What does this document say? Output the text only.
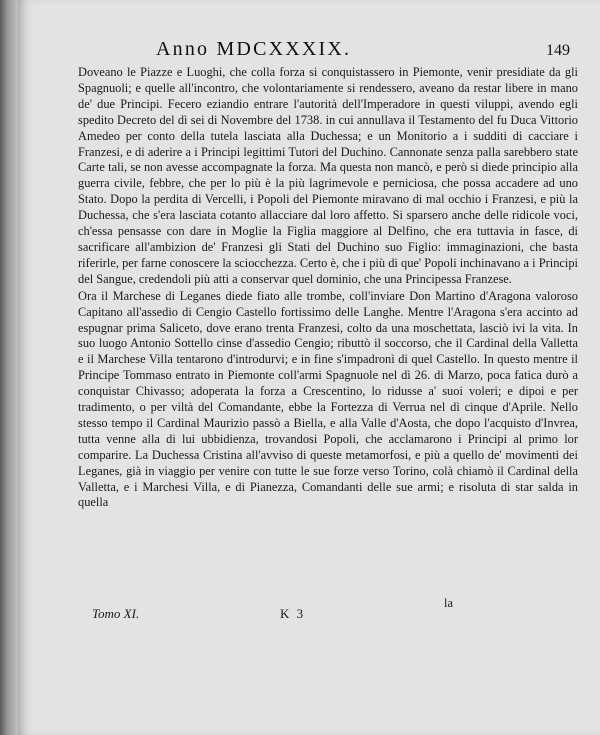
Anno MDCXXXIX.	149

Doveano le Piazze e Luoghi, che colla forza si conquistassero in Piemonte, venir presidiate da gli Spagnuoli; e quelle all'incontro, che volontariamente si rendessero, aveano da restar libere in mano de' due Principi. Fecero eziandio entrare l'autorità dell'Imperadore in questi viluppi, avendo egli spedito Decreto del dì sei di Novembre del 1738. in cui annullava il Testamento del fu Duca Vittorio Amedeo per conto della tutela lasciata alla Duchessa; e un Monitorio a i sudditi di cacciare i Franzesi, e di aderire a i Principi legittimi Tutori del Duchino. Cannonate senza palla sarebbero state Carte tali, se non avesse accompagnate la forza. Ma questa non mancò, e però si diede principio alla guerra civile, febbre, che per lo più è la più lagrimevole e perniciosa, che possa accadere ad uno Stato. Dopo la perdita di Vercelli, i Popoli del Piemonte miravano di mal occhio i Franzesi, e più la Duchessa, che s'era lasciata cotanto allacciare dal loro affetto. Si sparsero anche delle ridicole voci, ch'essa pensasse con dare in Moglie la Figlia maggiore al Delfino, che era tuttavia in fasce, di sacrificare all'ambizion de' Franzesi gli Stati del Duchino suo Figlio: immaginazioni, che basta riferirle, per farne conoscere la sciocchezza. Certo è, che i più di que' Popoli inchinavano a i Principi del Sangue, credendoli più atti a conservar quel dominio, che una Principessa Franzese.

Ora il Marchese di Leganes diede fiato alle trombe, coll'inviare Don Martino d'Aragona valoroso Capitano all'assedio di Cengio Castello fortissimo delle Langhe. Mentre l'Aragona s'era accinto ad espugnar prima Saliceto, dove erano trenta Franzesi, colto da una moschettata, lasciò ivi la vita. In suo luogo Antonio Sottello cinse d'assedio Cengio; ributtò il soccorso, che il Cardinal della Valletta e il Marchese Villa tentarono d'introdurvi; e in fine s'impadronì di quel Castello. In questo mentre il Principe Tommaso entrato in Piemonte coll'armi Spagnuole nel dì 26. di Marzo, poca fatica durò a conquistar Chivasso; adoperata la forza a Crescentino, lo ridusse a' suoi voleri; e dipoi e per tradimento, o per viltà del Comandante, ebbe la Fortezza di Verrua nel dì cinque d'Aprile. Nello stesso tempo il Cardinal Maurizio passò a Biella, e alla Valle d'Aosta, che dopo l'acquisto d'Invrea, tutta venne alla di lui ubbidienza, trovandosi Popoli, che acclamarono i Principi al primo lor comparire. La Duchessa Cristina all'avviso di queste metamorfosi, e più a quello de' movimenti dei Leganes, già in viaggio per venire con tutte le sue forze verso Torino, colà chiamò il Cardinal della Valletta, e i Marchesi Villa, e di Pianezza, Comandanti delle sue armi; e risoluta di star salda in quella

Tomo XI.	K 3
la
